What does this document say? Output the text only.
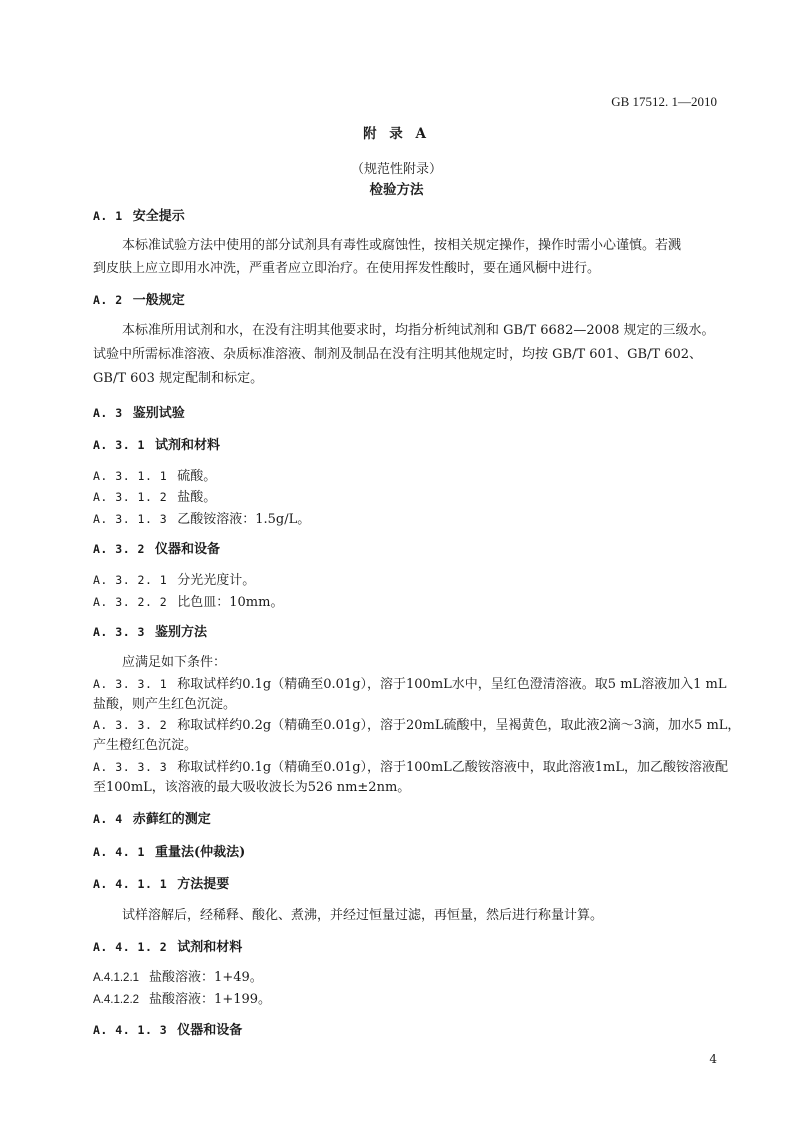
GB 17512. 1—2010
附 录 A
（规范性附录）
检验方法
A. 1 安全提示
本标准试验方法中使用的部分试剂具有毒性或腐蚀性，按相关规定操作，操作时需小心谨慎。若溅
到皮肤上应立即用水冲洗，严重者应立即治疗。在使用挥发性酸时，要在通风橱中进行。
A. 2 一般规定
本标准所用试剂和水，在没有注明其他要求时，均指分析纯试剂和 GB/T 6682—2008 规定的三级水。
试验中所需标准溶液、杂质标准溶液、制剂及制品在没有注明其他规定时，均按 GB/T 601、GB/T 602、
GB/T 603 规定配制和标定。
A. 3 鉴别试验
A. 3. 1 试剂和材料
A. 3. 1. 1 硫酸。
A. 3. 1. 2 盐酸。
A. 3. 1. 3 乙酸铵溶液：1.5g/L。
A. 3. 2 仪器和设备
A. 3. 2. 1 分光光度计。
A. 3. 2. 2 比色皿：10mm。
A. 3. 3 鉴别方法
应满足如下条件：
A. 3. 3. 1 称取试样约0.1g（精确至0.01g），溶于100mL水中，呈红色澄清溶液。取5 mL溶液加入1 mL
盐酸，则产生红色沉淀。
A. 3. 3. 2 称取试样约0.2g（精确至0.01g），溶于20mL硫酸中，呈褐黄色，取此液2滴～3滴，加水5 mL，
产生橙红色沉淀。
A. 3. 3. 3 称取试样约0.1g（精确至0.01g），溶于100mL乙酸铵溶液中，取此溶液1mL，加乙酸铵溶液配
至100mL，该溶液的最大吸收波长为526 nm±2nm。
A. 4 赤藓红的测定
A. 4. 1 重量法(仲裁法)
A. 4. 1. 1 方法提要
试样溶解后，经稀释、酸化、煮沸，并经过恒量过滤，再恒量，然后进行称量计算。
A. 4. 1. 2 试剂和材料
A.4.1.2.1 盐酸溶液：1+49。
A.4.1.2.2 盐酸溶液：1+199。
A. 4. 1. 3 仪器和设备
4
